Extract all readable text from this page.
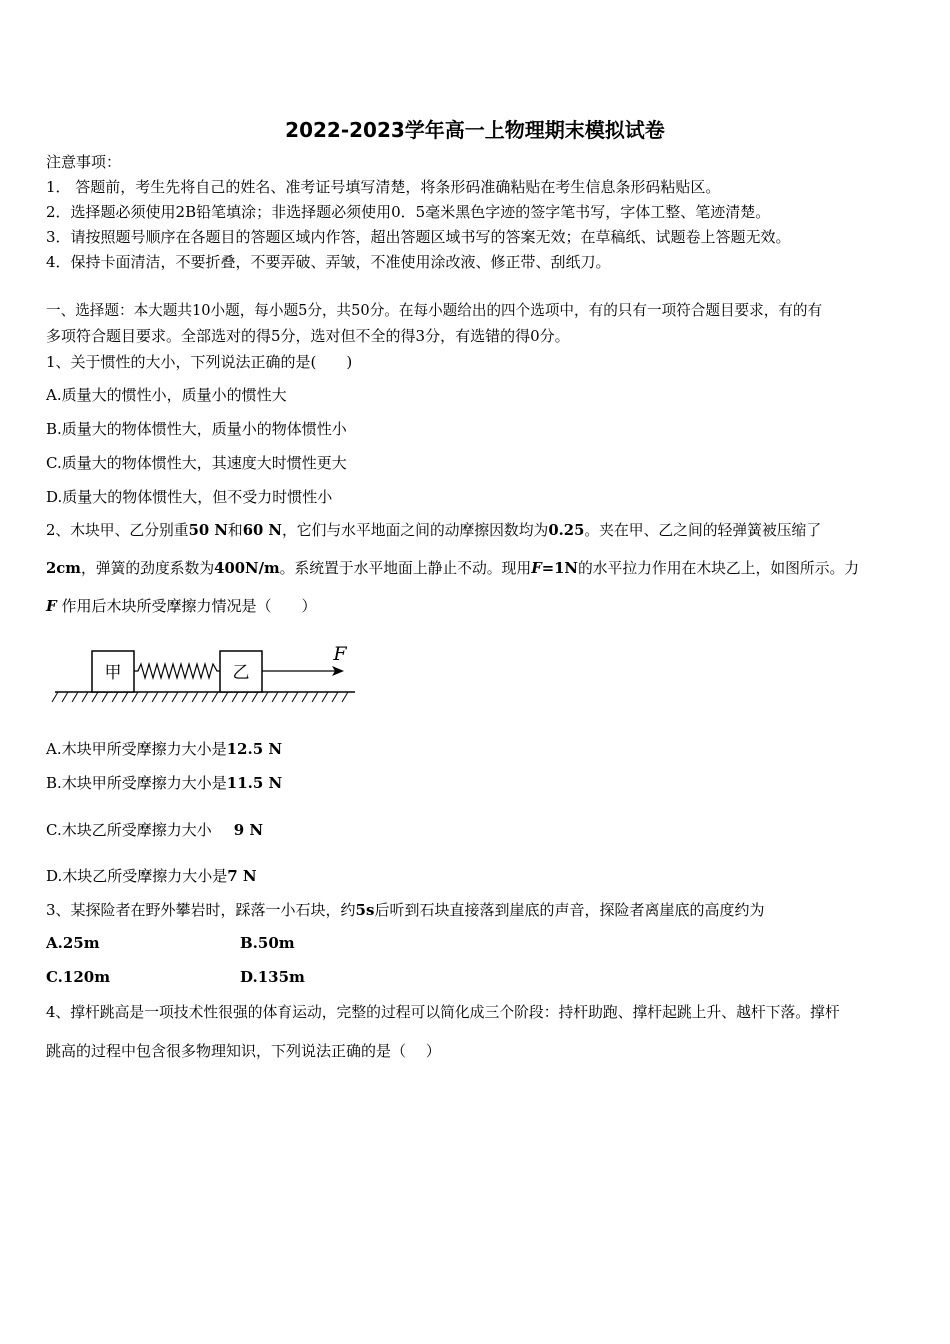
2022-2023学年高一上物理期末模拟试卷
注意事项：
1． 答题前，考生先将自己的姓名、准考证号填写清楚，将条形码准确粘贴在考生信息条形码粘贴区。
2．选择题必须使用2B铅笔填涂；非选择题必须使用0．5毫米黑色字迹的签字笔书写，字体工整、笔迹清楚。
3．请按照题号顺序在各题目的答题区域内作答，超出答题区域书写的答案无效；在草稿纸、试题卷上答题无效。
4．保持卡面清洁，不要折叠，不要弄破、弄皱，不准使用涂改液、修正带、刮纸刀。
一、选择题：本大题共10小题，每小题5分，共50分。在每小题给出的四个选项中，有的只有一项符合题目要求，有的有
多项符合题目要求。全部选对的得5分，选对但不全的得3分，有选错的得0分。
1、关于惯性的大小，下列说法正确的是(　　)
A.质量大的惯性小，质量小的惯性大
B.质量大的物体惯性大，质量小的物体惯性小
C.质量大的物体惯性大，其速度大时惯性更大
D.质量大的物体惯性大，但不受力时惯性小
2、木块甲、乙分别重50 N和60 N，它们与水平地面之间的动摩擦因数均为0.25。夹在甲、乙之间的轻弹簧被压缩了
2cm，弹簧的劲度系数为400N/m。系统置于水平地面上静止不动。现用F=1N的水平拉力作用在木块乙上，如图所示。力
F 作用后木块所受摩擦力情况是（　　）
甲	乙
F
A.木块甲所受摩擦力大小是12.5 N
B.木块甲所受摩擦力大小是11.5 N
C.木块乙所受摩擦力大小 9 N
D.木块乙所受摩擦力大小是7 N
3、某探险者在野外攀岩时，踩落一小石块，约5s后听到石块直接落到崖底的声音，探险者离崖底的高度约为
A.25m	B.50m
C.120m	D.135m
4、撑杆跳高是一项技术性很强的体育运动，完整的过程可以简化成三个阶段：持杆助跑、撑杆起跳上升、越杆下落。撑杆
跳高的过程中包含很多物理知识，下列说法正确的是（　 ）
